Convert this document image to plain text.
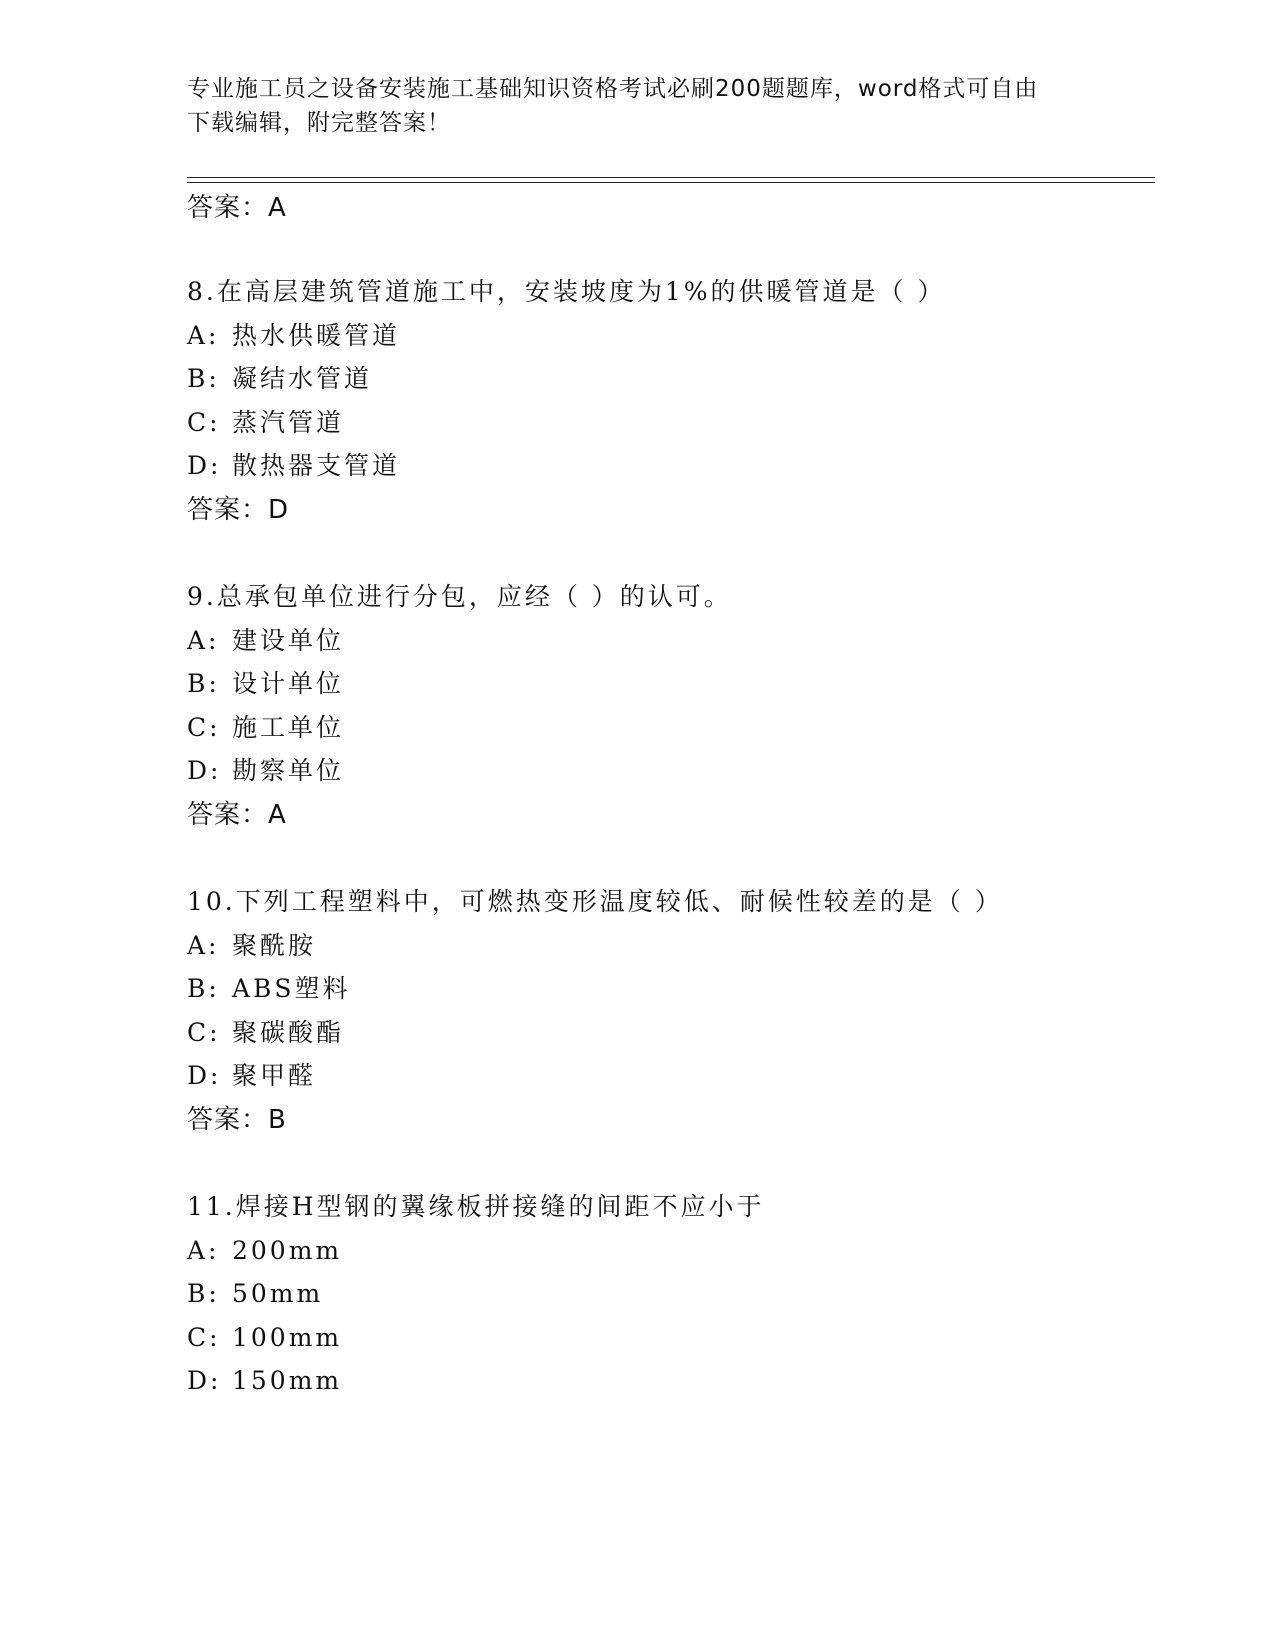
专业施工员之设备安装施工基础知识资格考试必刷200题题库，word格式可自由
下载编辑，附完整答案！
答案：A
8.在高层建筑管道施工中，安装坡度为1%的供暖管道是（ ）
A: 热水供暖管道
B: 凝结水管道
C: 蒸汽管道
D: 散热器支管道
答案：D
9.总承包单位进行分包，应经（ ）的认可。
A: 建设单位
B: 设计单位
C: 施工单位
D: 勘察单位
答案：A
10.下列工程塑料中，可燃热变形温度较低、耐候性较差的是（ ）
A: 聚酰胺
B: ABS塑料
C: 聚碳酸酯
D: 聚甲醛
答案：B
11.焊接H型钢的翼缘板拼接缝的间距不应小于
A: 200mm
B: 50mm
C: 100mm
D: 150mm
